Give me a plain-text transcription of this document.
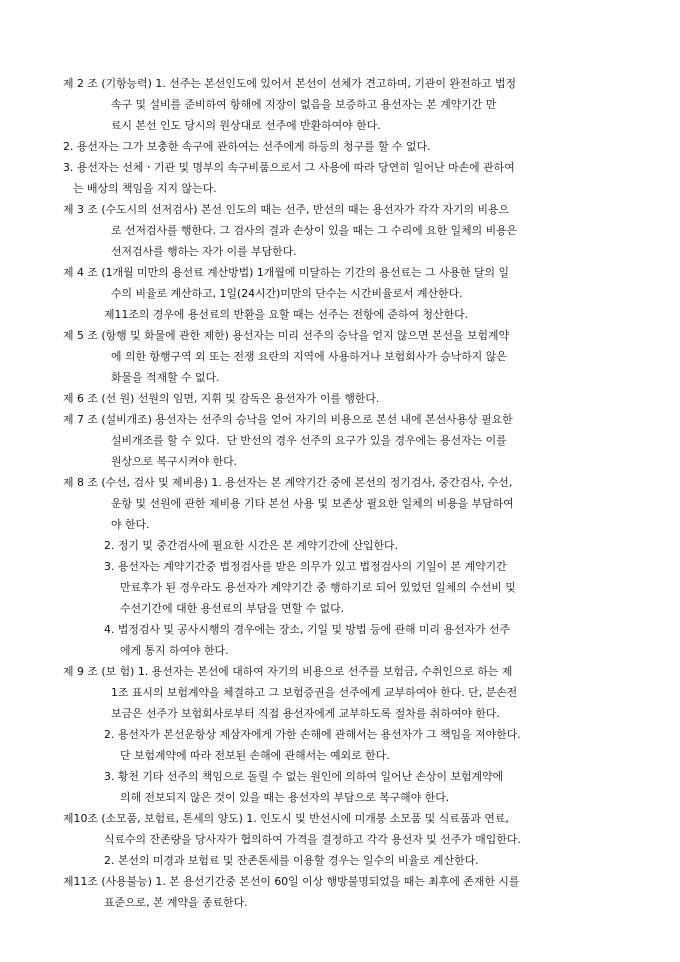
제 2 조 (기항능력) 1. 선주는 본선인도에 있어서 본선이 선체가 견고하며, 기관이 완전하고 법정
속구 및 설비를 준비하여 항해에 지장이 없음을 보증하고 용선자는 본 계약기간 만
료시 본선 인도 당시의 원상대로 선주에 반환하여야 한다.
2. 용선자는 그가 보충한 속구에 관하여는 선주에게 하등의 청구를 할 수 없다.
3. 용선자는 선체ㆍ기관 및 명부의 속구비품으로서 그 사용에 따라 당연히 일어난 마손에 관하여
는 배상의 책임을 지지 않는다.
제 3 조 (수도시의 선저검사) 본선 인도의 때는 선주, 반선의 때는 용선자가 각각 자기의 비용으
로 선저검사를 행한다. 그 검사의 결과 손상이 있을 때는 그 수리에 요한 일체의 비용은
선저검사를 행하는 자가 이를 부담한다.
제 4 조 (1개월 미만의 용선료 계산방법) 1개월에 미달하는 기간의 용선료는 그 사용한 달의 일
수의 비율로 계산하고, 1일(24시간)미만의 단수는 시간비율로서 계산한다.
제11조의 경우에 용선료의 반환을 요할 때는 선주는 전항에 준하여 청산한다.
제 5 조 (항행 및 화물에 관한 제한) 용선자는 미리 선주의 승낙을 얻지 않으면 본선을 보험계약
에 의한 항행구역 외 또는 전쟁 요란의 지역에 사용하거나 보험회사가 승낙하지 않은
화물을 적재할 수 없다.
제 6 조 (선 원) 선원의 임면, 지휘 및 감독은 용선자가 이를 행한다.
제 7 조 (설비개조) 용선자는 선주의 승낙을 얻어 자기의 비용으로 본선 내에 본선사용상 필요한
설비개조를 할 수 있다.  단 반선의 경우 선주의 요구가 있을 경우에는 용선자는 이를
원상으로 복구시켜야 한다.
제 8 조 (수선, 검사 및 제비용) 1. 용선자는 본 계약기간 중에 본선의 정기검사, 중간검사, 수선,
운항 및 선원에 관한 제비용 기타 본선 사용 및 보존상 필요한 일체의 비용을 부담하여
야 한다.
2. 정기 및 중간검사에 필요한 시간은 본 계약기간에 산입한다.
3. 용선자는 계약기간중 법정검사를 받은 의무가 있고 법정검사의 기일이 본 계약기간
만료후가 된 경우라도 용선자가 계약기간 중 행하기로 되어 있었던 일체의 수선비 및
수선기간에 대한 용선료의 부담을 면할 수 없다.
4. 법정검사 및 공사시행의 경우에는 장소, 기일 및 방법 등에 관해 미리 용선자가 선주
에게 통지 하여야 한다.
제 9 조 (보 험) 1. 용선자는 본선에 대하여 자기의 비용으로 선주를 보험금, 수취인으로 하는 제
1조 표시의 보험계약을 체결하고 그 보험증권을 선주에게 교부하여야 한다. 단, 분손전
보금은 선주가 보험회사로부터 직접 용선자에게 교부하도록 절차를 취하여야 한다.
2. 용선자가 본선운항상 제삼자에게 가한 손해에 관해서는 용선자가 그 책임을 져야한다.
단 보험계약에 따라 전보된 손해에 관해서는 예외로 한다.
3. 황천 기타 선주의 책임으로 돌릴 수 없는 원인에 의하여 일어난 손상이 보험계약에
의해 전보되지 않은 것이 있을 때는 용선자의 부담으로 복구해야 한다.
제10조 (소모품, 보험료, 톤세의 양도) 1. 인도시 및 반선시에 미개봉 소모품 및 식료품과 연료,
식료수의 잔존량을 당사자가 협의하여 가격을 결정하고 각각 용선자 및 선주가 매입한다.
2. 본선의 미경과 보험료 및 잔존톤세를 이용할 경우는 일수의 비율로 계산한다.
제11조 (사용불능) 1. 본 용선기간중 본선이 60일 이상 행방불명되었을 때는 최후에 존재한 시를
표준으로, 본 계약을 종료한다.
